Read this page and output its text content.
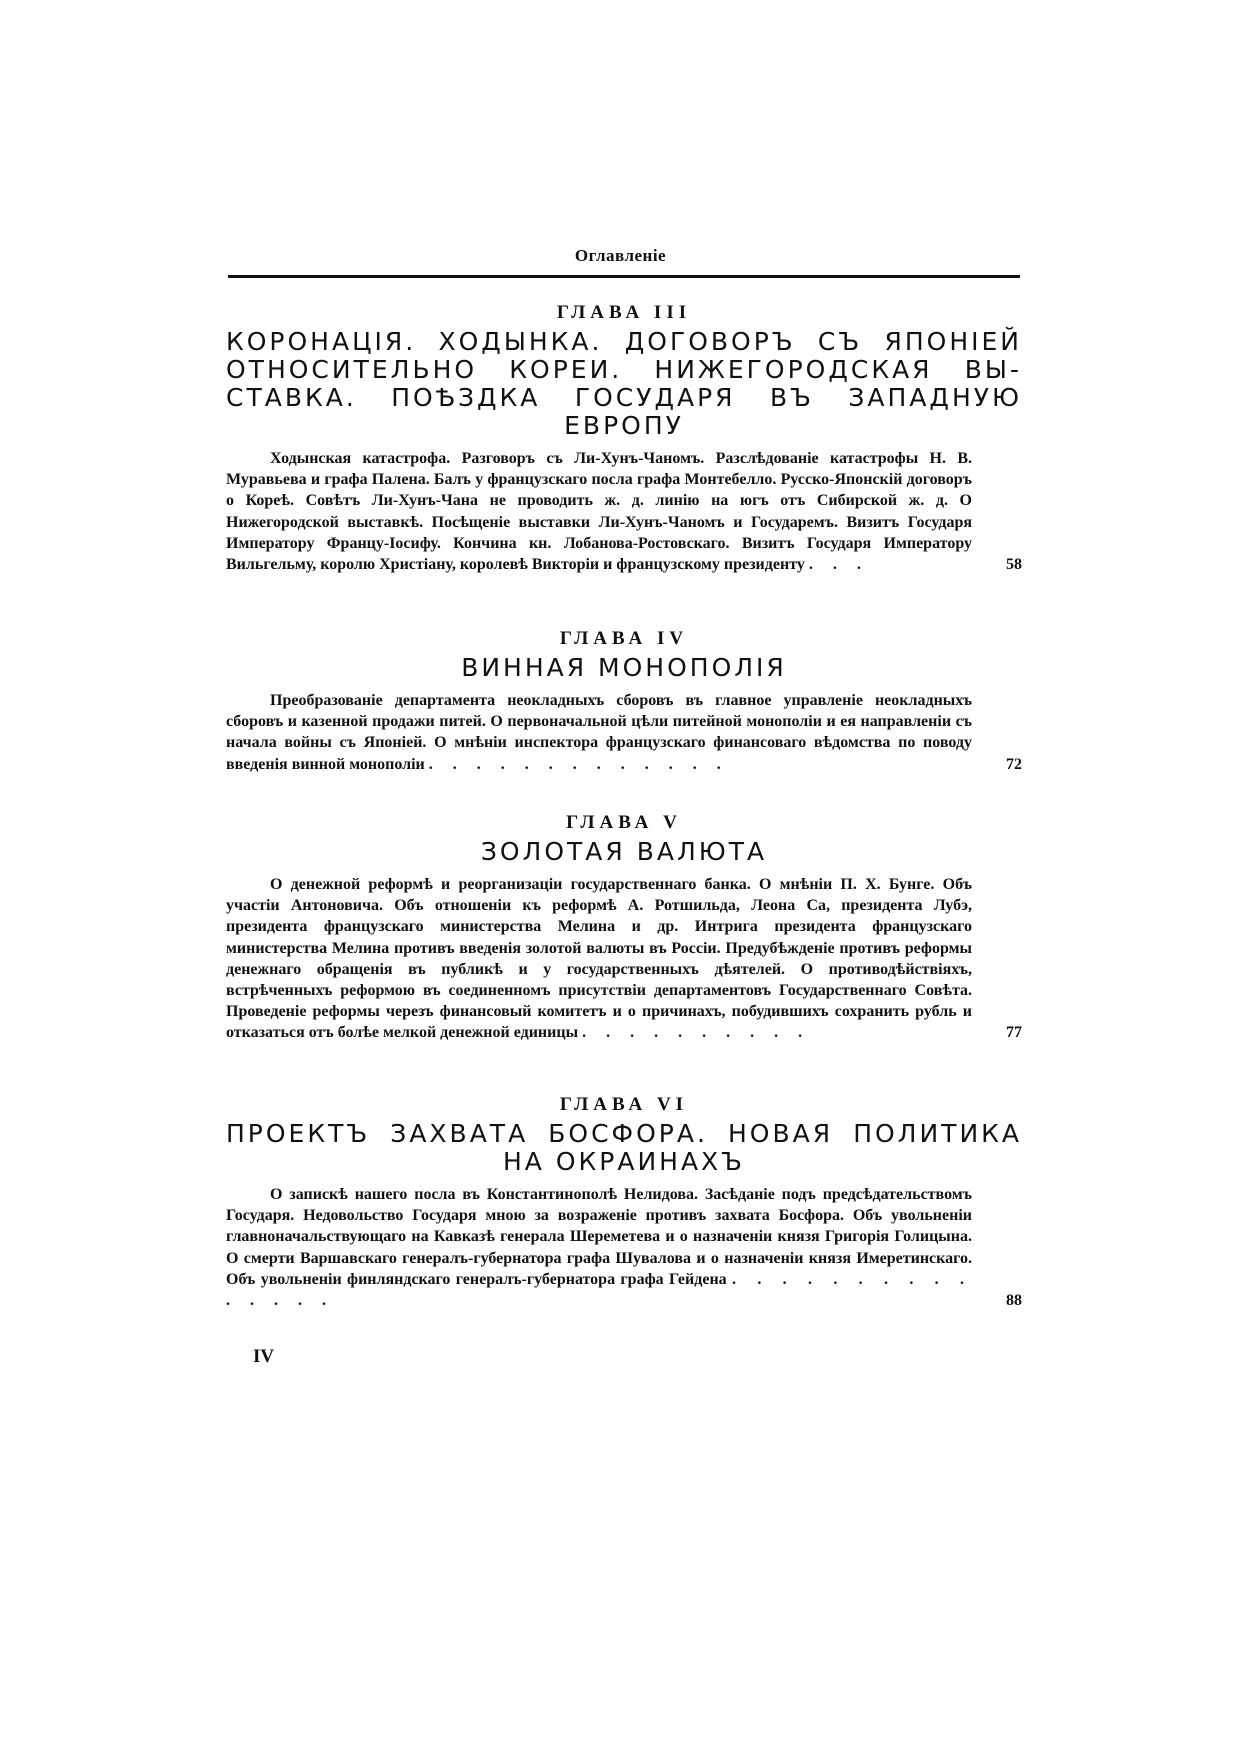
Оглавленіе
ГЛАВА III
КОРОНАЦІЯ. ХОДЫНКА. ДОГОВОРЪ СЪ ЯПОНІЕЙ
ОТНОСИТЕЛЬНО КОРЕИ. НИЖЕГОРОДСКАЯ ВЫ-
СТАВКА. ПОѢЗДКА ГОСУДАРЯ ВЪ ЗАПАДНУЮ
ЕВРОПУ
Ходынская катастрофа. Разговоръ съ Ли-Хунъ-Чаномъ. Разслѣдованіе катастрофы Н. В. Муравьева и графа Палена. Балъ у французскаго посла графа Монтебелло. Русско-Японскій договоръ о Кореѣ. Совѣтъ Ли-Хунъ-Чана не проводить ж. д. линію на югъ отъ Сибирской ж. д. О Нижегородской выставкѣ. Посѣщеніе выставки Ли-Хунъ-Чаномъ и Государемъ. Визитъ Государя Императору Францу-Іосифу. Кончина кн. Лобанова-Ростовскаго. Визитъ Государя Императору Вильгельму, королю Христіану, королевѣ Викторіи и французскому президенту . . .	58
ГЛАВА IV
ВИННАЯ МОНОПОЛІЯ
Преобразованіе департамента неокладныхъ сборовъ въ главное управленіе неокладныхъ сборовъ и казенной продажи питей. О первоначальной цѣли питейной монополіи и ея направленіи съ начала войны съ Японіей. О мнѣніи инспектора французскаго финансоваго вѣдомства по поводу введенія винной монополіи . . . . . . . . . . . . .	72
ГЛАВА V
ЗОЛОТАЯ ВАЛЮТА
О денежной реформѣ и реорганизаціи государственнаго банка. О мнѣніи П. Х. Бунге. Объ участіи Антоновича. Объ отношеніи къ реформѣ А. Ротшильда, Леона Са, президента Лубэ, президента французскаго министерства Мелина и др. Интрига президента французскаго министерства Мелина противъ введенія золотой валюты въ Россіи. Предубѣжденіе противъ реформы денежнаго обращенія въ публикѣ и у государственныхъ дѣятелей. О противодѣйствіяхъ, встрѣченныхъ реформою въ соединенномъ присутствіи департаментовъ Государственнаго Совѣта. Проведеніе реформы черезъ финансовый комитетъ и о причинахъ, побудившихъ сохранить рубль и отказаться отъ болѣе мелкой денежной единицы . . . . . . . . . .	77
ГЛАВА VI
ПРОЕКТЪ ЗАХВАТА БОСФОРА. НОВАЯ ПОЛИТИКА
НА ОКРАИНАХЪ
О запискѣ нашего посла въ Константинополѣ Нелидова. Засѣданіе подъ предсѣдательствомъ Государя. Недовольство Государя мною за возраженіе противъ захвата Босфора. Объ увольненіи главноначальствующаго на Кавказѣ генерала Шереметева и о назначеніи князя Григорія Голицына. О смерти Варшавскаго генералъ-губернатора графа Шувалова и о назначеніи князя Имеретинскаго. Объ увольненіи финляндскаго генералъ-губернатора графа Гейдена . . . . . . . . . . . . . . .	88
IV
